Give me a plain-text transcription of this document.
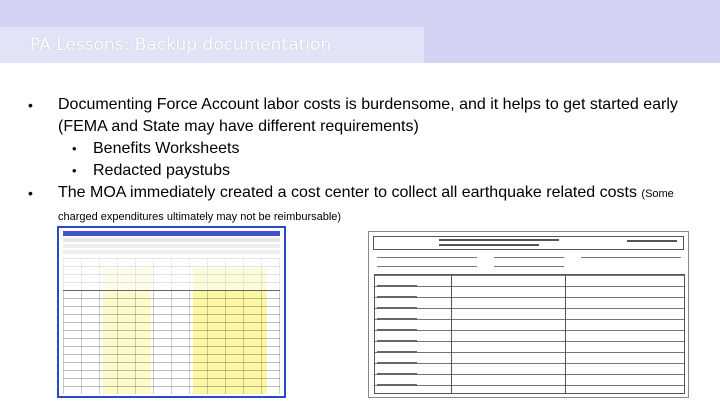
PA Lessons: Backup documentation
• Documenting Force Account labor costs is burdensome, and it helps to get started early (FEMA and State may have different requirements)
• Benefits Worksheets
• Redacted paystubs
• The MOA immediately created a cost center to collect all earthquake related costs (Some charged expenditures ultimately may not be reimbursable)
